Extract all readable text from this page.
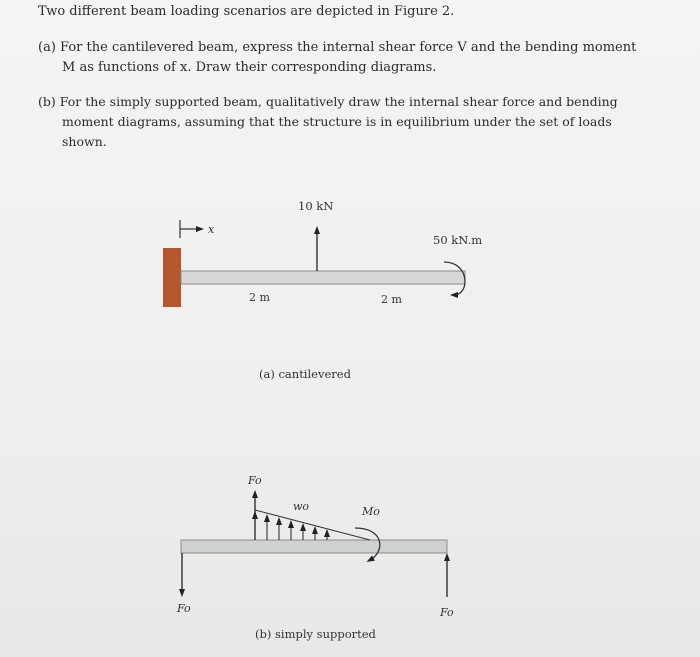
Two different beam loading scenarios are depicted in Figure 2.
(a) For the cantilevered beam, express the internal shear force V and the bending moment M as functions of x. Draw their corresponding diagrams.
(b) For the simply supported beam, qualitatively draw the internal shear force and bending moment diagrams, assuming that the structure is in equilibrium under the set of loads shown.
x
10 kN
50 kN.m
2 m	2 m
(a) cantilevered
wo
Fo
Mo
Fo	Fo
(b) simply supported
